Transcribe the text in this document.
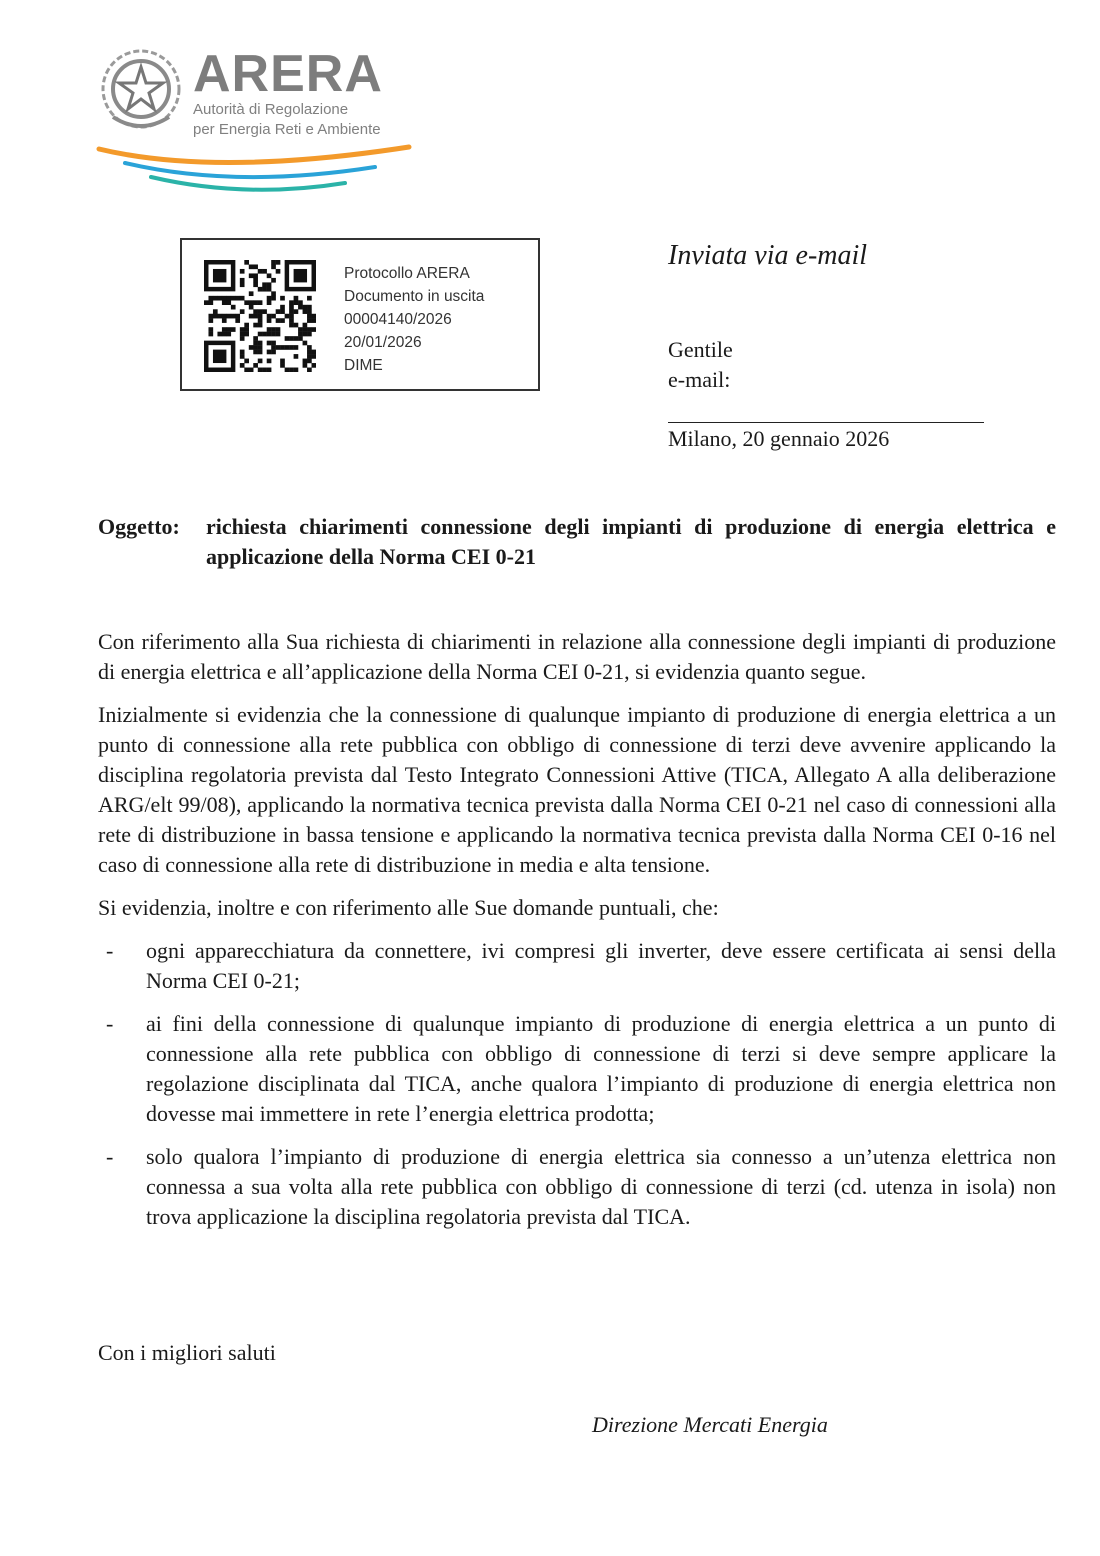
ARERA
Autorità di Regolazione
per Energia Reti e Ambiente
Protocollo ARERA
Documento in uscita
00004140/2026
20/01/2026
DIME
Inviata via e-mail
Gentile
e-mail:
Milano, 20 gennaio 2026
Oggetto: richiesta chiarimenti connessione degli impianti di produzione di energia elettrica e applicazione della Norma CEI 0-21

Con riferimento alla Sua richiesta di chiarimenti in relazione alla connessione degli impianti di produzione di energia elettrica e all’applicazione della Norma CEI 0-21, si evidenzia quanto segue.

Inizialmente si evidenzia che la connessione di qualunque impianto di produzione di energia elettrica a un punto di connessione alla rete pubblica con obbligo di connessione di terzi deve avvenire applicando la disciplina regolatoria prevista dal Testo Integrato Connessioni Attive (TICA, Allegato A alla deliberazione ARG/elt 99/08), applicando la normativa tecnica prevista dalla Norma CEI 0-21 nel caso di connessioni alla rete di distribuzione in bassa tensione e applicando la normativa tecnica prevista dalla Norma CEI 0-16 nel caso di connessione alla rete di distribuzione in media e alta tensione.

Si evidenzia, inoltre e con riferimento alle Sue domande puntuali, che:

- ogni apparecchiatura da connettere, ivi compresi gli inverter, deve essere certificata ai sensi della Norma CEI 0-21;
- ai fini della connessione di qualunque impianto di produzione di energia elettrica a un punto di connessione alla rete pubblica con obbligo di connessione di terzi si deve sempre applicare la regolazione disciplinata dal TICA, anche qualora l’impianto di produzione di energia elettrica non dovesse mai immettere in rete l’energia elettrica prodotta;
- solo qualora l’impianto di produzione di energia elettrica sia connesso a un’utenza elettrica non connessa a sua volta alla rete pubblica con obbligo di connessione di terzi (cd. utenza in isola) non trova applicazione la disciplina regolatoria prevista dal TICA.
Con i migliori saluti
Direzione Mercati Energia
